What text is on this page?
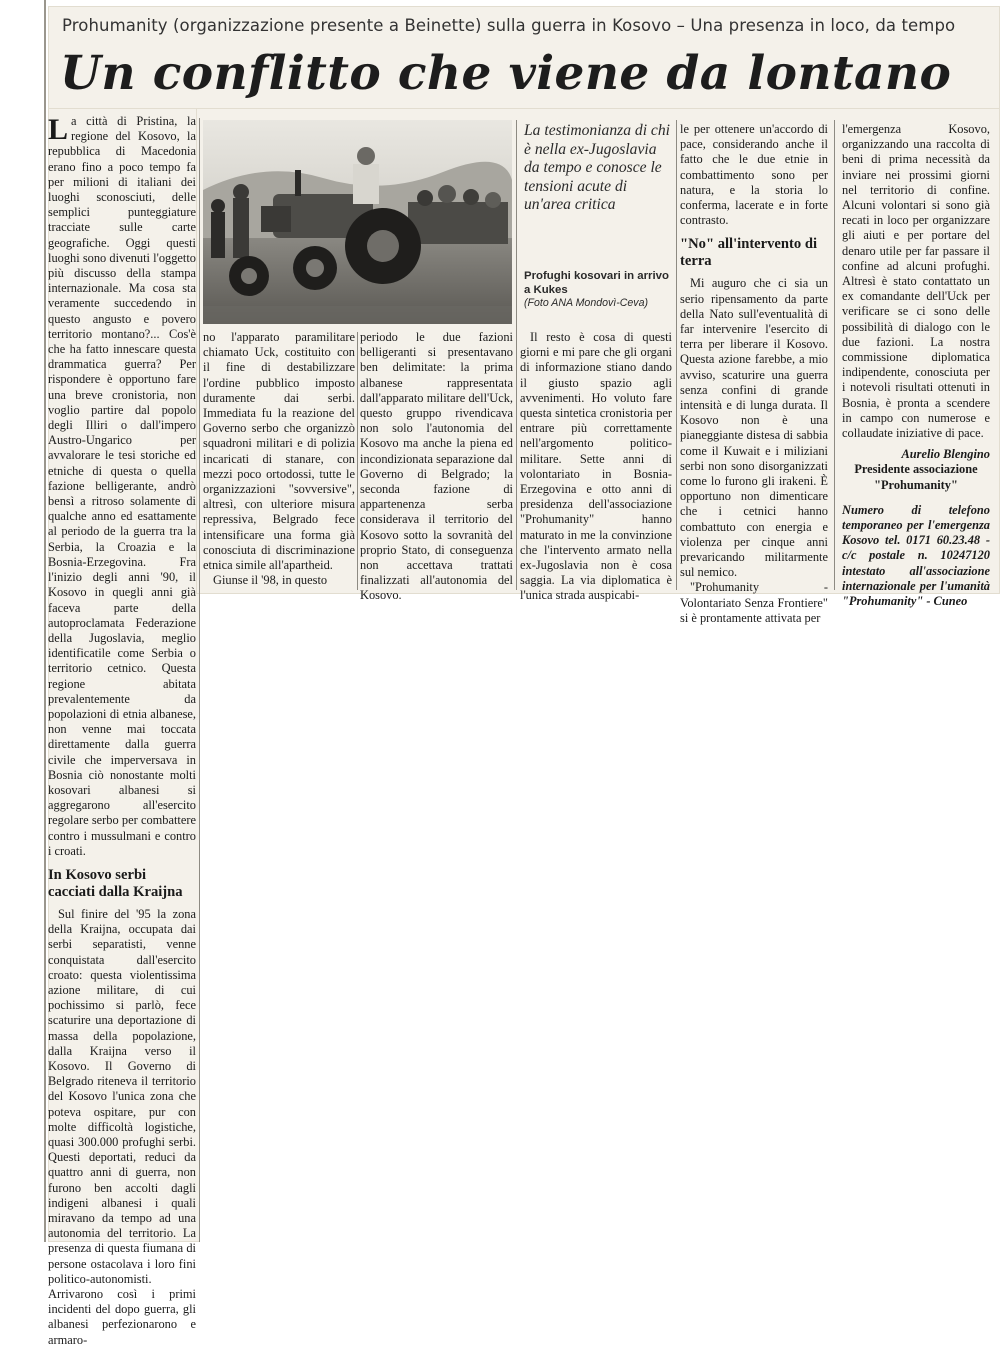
Prohumanity (organizzazione presente a Beinette) sulla guerra in Kosovo – Una presenza in loco, da tempo
Un conflitto che viene da lontano

La città di Pristina, la regione del Kosovo, la repubblica di Macedonia erano fino a poco tempo fa per milioni di italiani dei luoghi sconosciuti, delle semplici punteggiature tracciate sulle carte geografiche. Oggi questi luoghi sono divenuti l'oggetto più discusso della stampa internazionale. Ma cosa sta veramente succedendo in questo angusto e povero territorio montano?... Cos'è che ha fatto innescare questa drammatica guerra? Per rispondere è opportuno fare una breve cronistoria, non voglio partire dal popolo degli Illiri o dall'impero Austro-Ungarico per avvalorare le tesi storiche ed etniche di questa o quella fazione belligerante, andrò bensì a ritroso solamente di qualche anno ed esattamente al periodo de la guerra tra la Serbia, la Croazia e la Bosnia-Erzegovina. Fra l'inizio degli anni '90, il Kosovo in quegli anni già faceva parte della autoproclamata Federazione della Jugoslavia, meglio identificatile come Serbia o territorio cetnico. Questa regione abitata prevalentemente da popolazioni di etnia albanese, non venne mai toccata direttamente dalla guerra civile che imperversava in Bosnia ciò nonostante molti kosovari albanesi si aggregarono all'esercito regolare serbo per combattere contro i mussulmani e contro i croati.

In Kosovo serbi cacciati dalla Kraijna

Sul finire del '95 la zona della Kraijna, occupata dai serbi separatisti, venne conquistata dall'esercito croato: questa violentissima azione militare, di cui pochissimo si parlò, fece scaturire una deportazione di massa della popolazione, dalla Kraijna verso il Kosovo. Il Governo di Belgrado riteneva il territorio del Kosovo l'unica zona che poteva ospitare, pur con molte difficoltà logistiche, quasi 300.000 profughi serbi. Questi deportati, reduci da quattro anni di guerra, non furono ben accolti dagli indigeni albanesi i quali miravano da tempo ad una autonomia del territorio. La presenza di questa fiumana di persone ostacolava i loro fini politico-autonomisti. Arrivarono così i primi incidenti del dopo guerra, gli albanesi perfezionarono e armaro-

La testimonianza di chi è nella ex-Jugoslavia da tempo e conosce le tensioni acute di un'area critica
Profughi kosovari in arrivo a Kukes
(Foto ANA Mondovì-Ceva)

no l'apparato paramilitare chiamato Uck, costituito con il fine di destabilizzare l'ordine pubblico imposto duramente dai serbi. Immediata fu la reazione del Governo serbo che organizzò squadroni militari e di polizia incaricati di stanare, con mezzi poco ortodossi, tutte le organizzazioni "sovversive", altresì, con ulteriore misura repressiva, Belgrado fece intensificare una forma già conosciuta di discriminazione etnica simile all'apartheid.

Giunse il '98, in questo

periodo le due fazioni belligeranti si presentavano ben delimitate: la prima albanese rappresentata dall'apparato militare dell'Uck, questo gruppo rivendicava non solo l'autonomia del Kosovo ma anche la piena ed incondizionata separazione dal Governo di Belgrado; la seconda fazione di appartenenza serba considerava il territorio del Kosovo sotto la sovranità del proprio Stato, di conseguenza non accettava trattati finalizzati all'autonomia del Kosovo.

Il resto è cosa di questi giorni e mi pare che gli organi di informazione stiano dando il giusto spazio agli avvenimenti. Ho voluto fare questa sintetica cronistoria per entrare più correttamente nell'argomento politico-militare. Sette anni di volontariato in Bosnia-Erzegovina e otto anni di presidenza dell'associazione "Prohumanity" hanno maturato in me la convinzione che l'intervento armato nella ex-Jugoslavia non è cosa saggia. La via diplomatica è l'unica strada auspicabi-

le per ottenere un'accordo di pace, considerando anche il fatto che le due etnie in combattimento sono per natura, e la storia lo conferma, lacerate e in forte contrasto.

"No" all'intervento di terra

Mi auguro che ci sia un serio ripensamento da parte della Nato sull'eventualità di far intervenire l'esercito di terra per liberare il Kosovo. Questa azione farebbe, a mio avviso, scaturire una guerra senza confini di grande intensità e di lunga durata. Il Kosovo non è una pianeggiante distesa di sabbia come il Kuwait e i miliziani serbi non sono disorganizzati come lo furono gli irakeni. È opportuno non dimenticare che i cetnici hanno combattuto con energia e violenza per cinque anni prevaricando militarmente sul nemico.

"Prohumanity - Volontariato Senza Frontiere" si è prontamente attivata per

l'emergenza Kosovo, organizzando una raccolta di beni di prima necessità da inviare nei prossimi giorni nel territorio di confine. Alcuni volontari si sono già recati in loco per organizzare gli aiuti e per portare del denaro utile per far passare il confine ad alcuni profughi. Altresì è stato contattato un ex comandante dell'Uck per verificare se ci sono delle possibilità di dialogo con le due fazioni. La nostra commissione diplomatica indipendente, conosciuta per i notevoli risultati ottenuti in Bosnia, è pronta a scendere in campo con numerose e collaudate iniziative di pace.

Aurelio Blengino
Presidente associazione "Prohumanity"
Numero di telefono temporaneo per l'emergenza Kosovo tel. 0171 60.23.48 - c/c postale n. 10247120 intestato all'associazione internazionale per l'umanità "Prohumanity" - Cuneo
